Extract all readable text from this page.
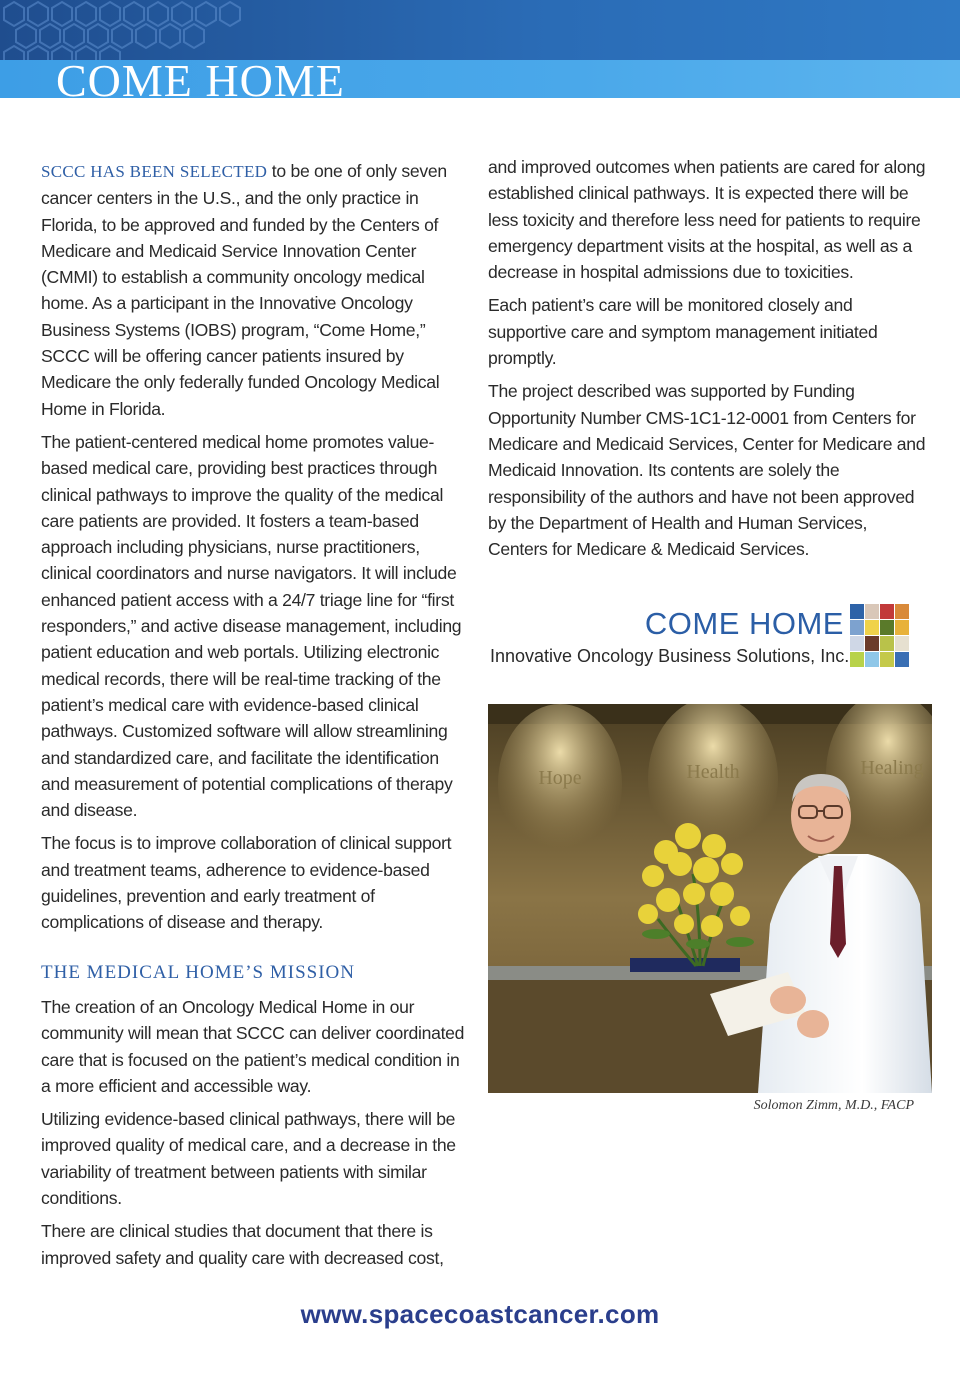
COME HOME

SCCC HAS BEEN SELECTED to be one of only seven cancer centers in the U.S., and the only practice in Florida, to be approved and funded by the Centers of Medicare and Medicaid Service Innovation Center (CMMI) to establish a community oncology medical home. As a participant in the Innovative Oncology Business Systems (IOBS) program, “Come Home,” SCCC will be offering cancer patients insured by Medicare the only federally funded Oncology Medical Home in Florida.

The patient-centered medical home promotes value-based medical care, providing best practices through clinical pathways to improve the quality of the medical care patients are provided. It fosters a team-based approach including physicians, nurse practitioners, clinical coordinators and nurse navigators. It will include enhanced patient access with a 24/7 triage line for “first responders,” and active disease management, including patient education and web portals. Utilizing electronic medical records, there will be real-time tracking of the patient’s medical care with evidence-based clinical pathways. Customized software will allow streamlining and standardized care, and facilitate the identification and measurement of potential complications of therapy and disease.

The focus is to improve collaboration of clinical support and treatment teams, adherence to evidence-based guidelines, prevention and early treatment of complications of disease and therapy.

THE MEDICAL HOME’S MISSION

The creation of an Oncology Medical Home in our community will mean that SCCC can deliver coordinated care that is focused on the patient’s medical condition in a more efficient and accessible way.

Utilizing evidence-based clinical pathways, there will be improved quality of medical care, and a decrease in the variability of treatment between patients with similar conditions.

There are clinical studies that document that there is improved safety and quality care with decreased cost,

and improved outcomes when patients are cared for along established clinical pathways. It is expected there will be less toxicity and therefore less need for patients to require emergency department visits at the hospital, as well as a decrease in hospital admissions due to toxicities.

Each patient’s care will be monitored closely and supportive care and symptom management initiated promptly.

The project described was supported by Funding Opportunity Number CMS-1C1-12-0001 from Centers for Medicare and Medicaid Services, Center for Medicare and Medicaid Innovation. Its contents are solely the responsibility of the authors and have not been approved by the Department of Health and Human Services, Centers for Medicare & Medicaid Services.

COME HOME
Innovative Oncology Business Solutions, Inc.
Hope	Health	Healing
Solomon Zimm, M.D., FACP
www.spacecoastcancer.com
